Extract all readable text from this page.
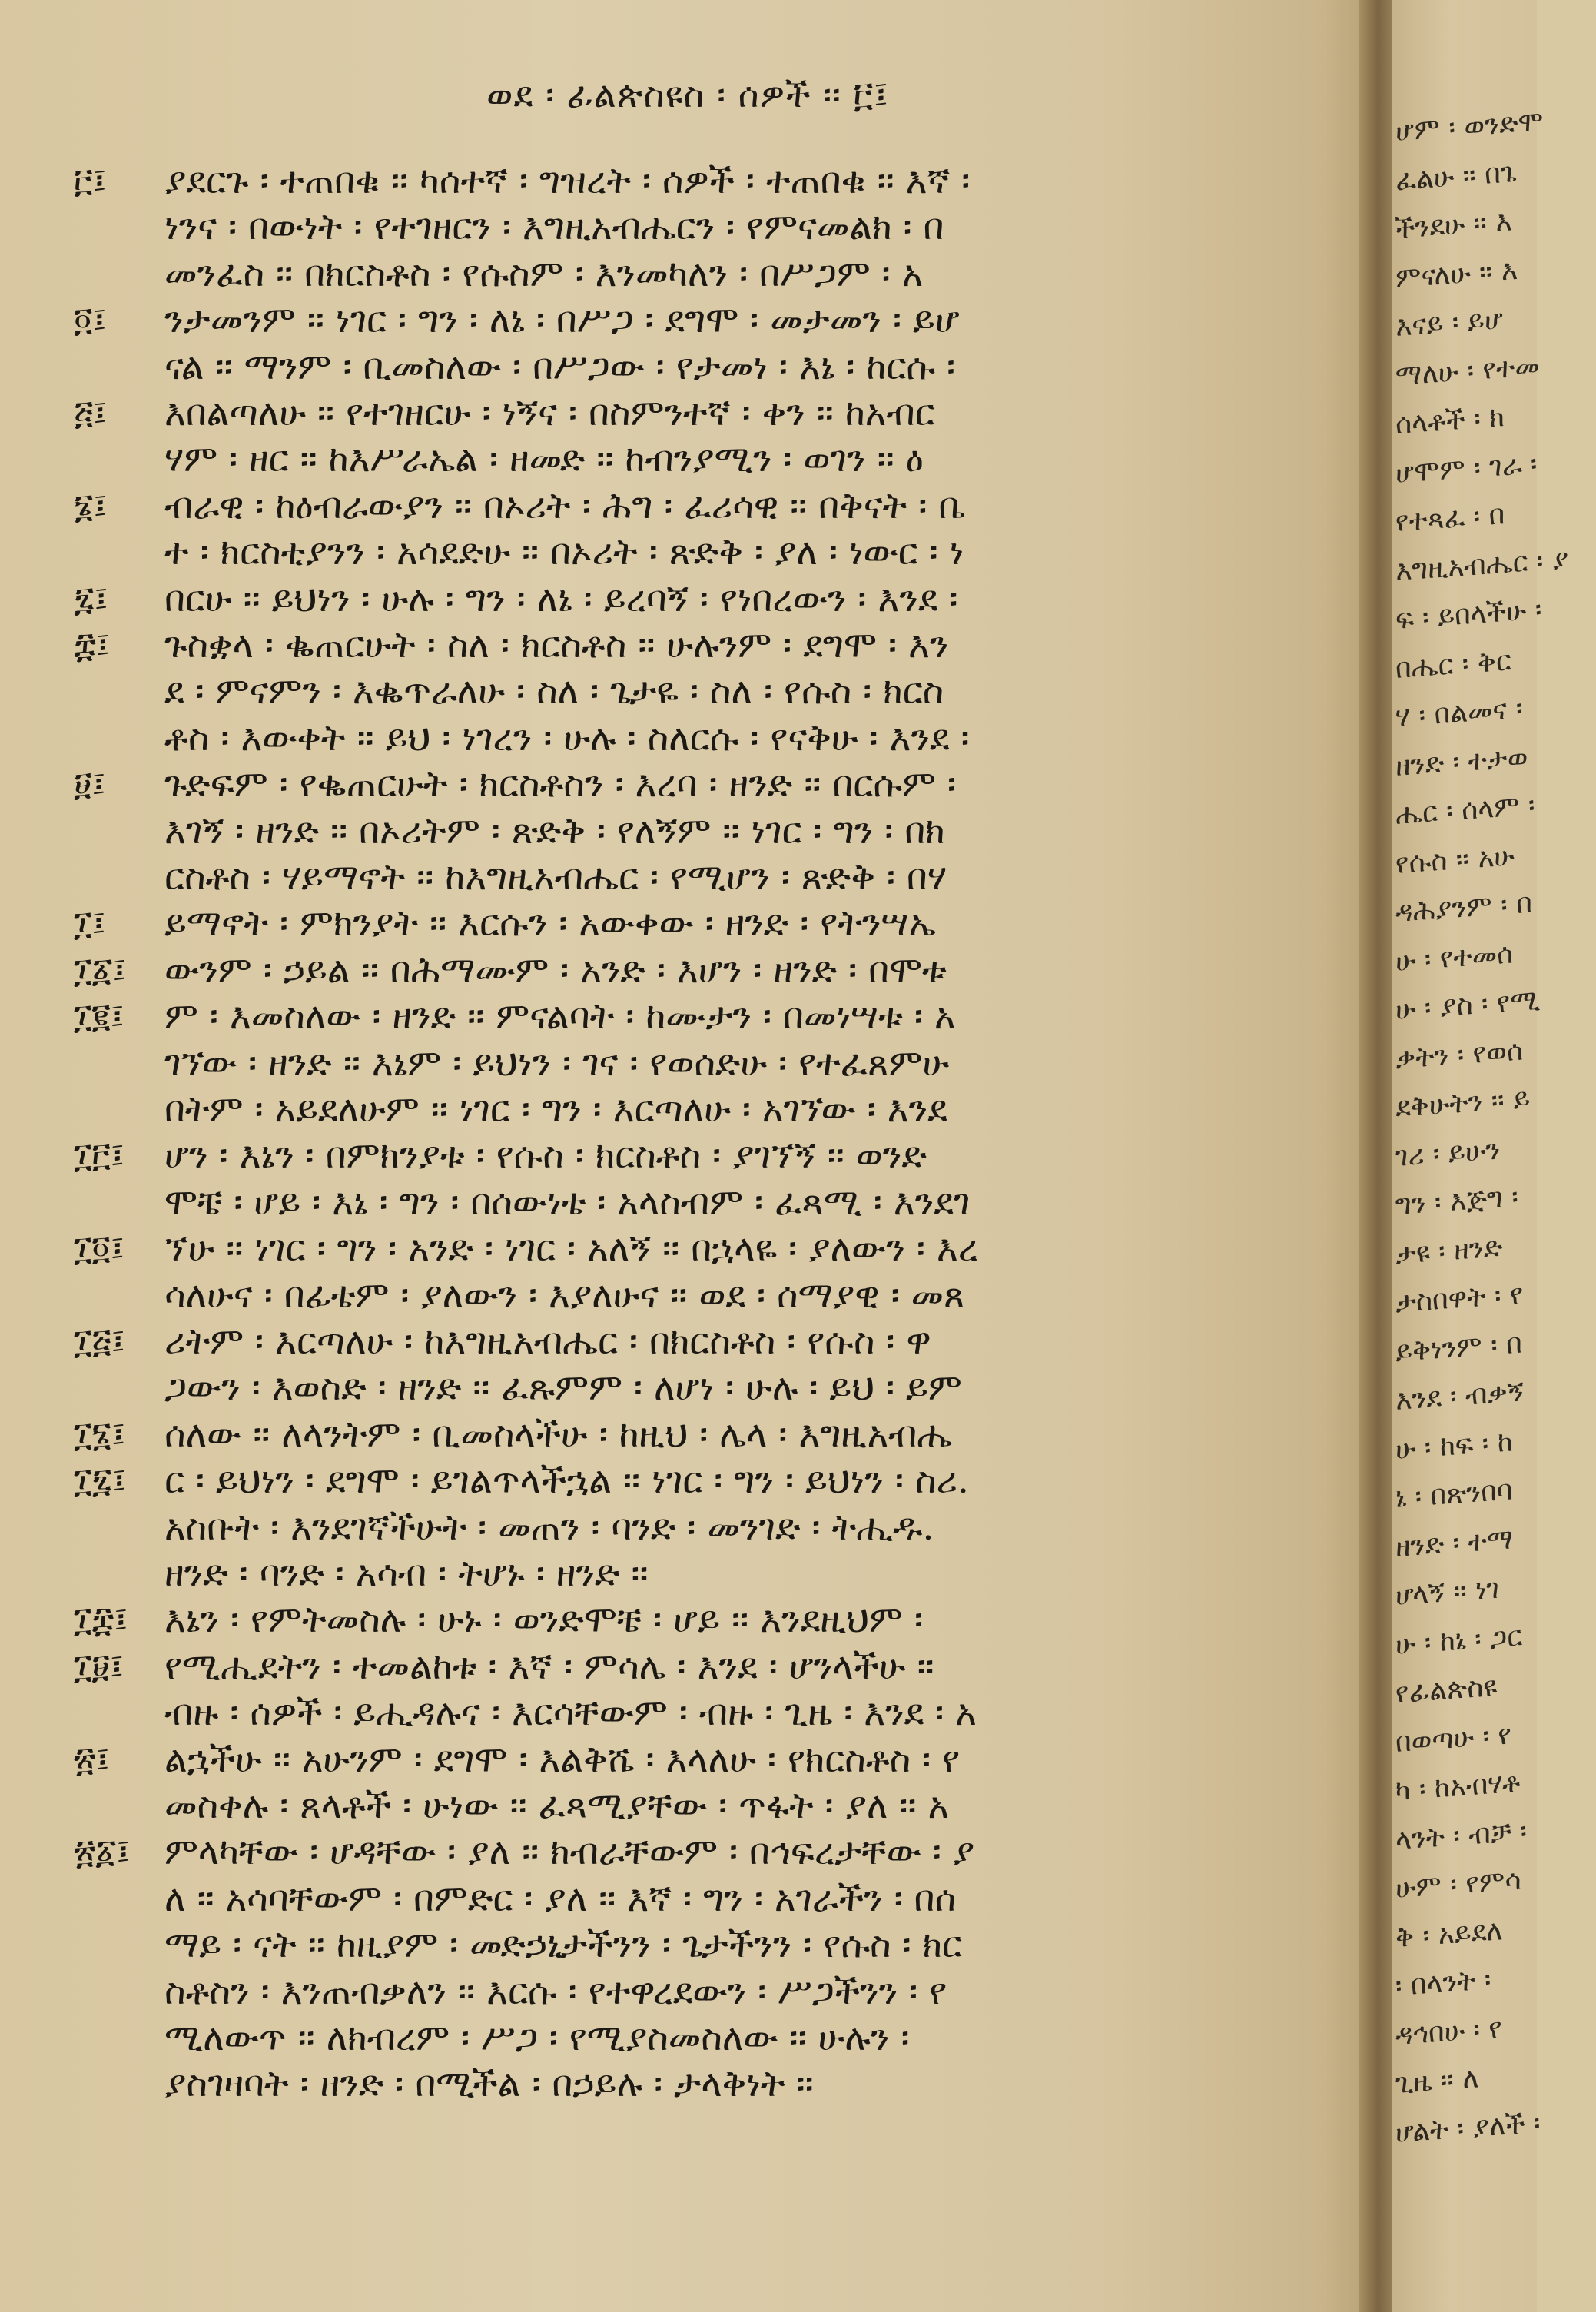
ወደ ፡ ፊልጵስዩስ ፡ ሰዎች ፡፡ ፫፤
ያደርጉ ፡ ተጠበቁ ፡፡ ካሰተኛ ፡ ግዝረት ፡ ሰዎች ፡ ተጠበቁ ፡፡ እኛ ፡
ነንና ፡ በውነት ፡ የተገዘርን ፡ እግዚአብሔርን ፡ የምናመልክ ፡ በ
መንፈስ ፡፡ በክርስቶስ ፡ የሱስም ፡ እንመካለን ፡ በሥጋም ፡ አ
ንታመንም ፡፡ ነገር ፡ ግን ፡ ለኔ ፡ በሥጋ ፡ ደግሞ ፡ መታመን ፡ ይሆ
ናል ፡፡ ማንም ፡ ቢመስለው ፡ በሥጋው ፡ የታመነ ፡ እኔ ፡ ከርሱ ፡
እበልጣለሁ ፡፡ የተገዘርሁ ፡ ነኝና ፡ በስምንተኛ ፡ ቀን ፡፡ ከአብር
ሃም ፡ ዘር ፡፡ ከእሥራኤል ፡ ዘመድ ፡፡ ከብንያሚን ፡ ወገን ፡፡ ዕ
ብራዊ ፡ ከዕብራውያን ፡፡ በኦሪት ፡ ሕግ ፡ ፈሪሳዊ ፡፡ በቅናት ፡ ቤ
ተ ፡ ክርስቲያንን ፡ አሳደድሁ ፡፡ በኦሪት ፡ ጽድቅ ፡ ያለ ፡ ነውር ፡ ነ
በርሁ ፡፡ ይህነን ፡ ሁሉ ፡ ግን ፡ ለኔ ፡ ይረባኝ ፡ የነበረውን ፡ እንደ ፡
ጉስቋላ ፡ ቈጠርሁት ፡ ስለ ፡ ክርስቶስ ፡፡ ሁሉንም ፡ ደግሞ ፡ እን
ደ ፡ ምናምን ፡ እቈጥራለሁ ፡ ስለ ፡ ጌታዬ ፡ ስለ ፡ የሱስ ፡ ክርስ
ቶስ ፡ እውቀት ፡፡ ይህ ፡ ነገረን ፡ ሁሉ ፡ ስለርሱ ፡ የናቅሁ ፡ እንደ ፡
ጉድፍም ፡ የቈጠርሁት ፡ ክርስቶስን ፡ እረባ ፡ ዘንድ ፡፡ በርሱም ፡
እገኝ ፡ ዘንድ ፡፡ በኦሪትም ፡ ጽድቅ ፡ የለኝም ፡፡ ነገር ፡ ግን ፡ በክ
ርስቶስ ፡ ሃይማኖት ፡፡ ከእግዚአብሔር ፡ የሚሆን ፡ ጽድቅ ፡ በሃ
ይማኖት ፡ ምክንያት ፡፡ እርሱን ፡ አውቀው ፡ ዘንድ ፡ የትንሣኤ
ውንም ፡ ኃይል ፡፡ በሕማሙም ፡ አንድ ፡ እሆን ፡ ዘንድ ፡ በሞቱ
ም ፡ እመስለው ፡ ዘንድ ፡፡ ምናልባት ፡ ከሙታን ፡ በመነሣቱ ፡ አ
ገኘው ፡ ዘንድ ፡፡ እኔም ፡ ይህነን ፡ ገና ፡ የወሰድሁ ፡ የተፈጸምሁ
በትም ፡ አይደለሁም ፡፡ ነገር ፡ ግን ፡ እርጣለሁ ፡ አገኘው ፡ እንደ
ሆን ፡ እኔን ፡ በምክንያቱ ፡ የሱስ ፡ ክርስቶስ ፡ ያገኘኝ ፡፡ ወንድ
ሞቼ ፡ ሆይ ፡ እኔ ፡ ግን ፡ በሰውነቴ ፡ አላስብም ፡ ፈጻሚ ፡ እንደገ
ኘሁ ፡፡ ነገር ፡ ግን ፡ አንድ ፡ ነገር ፡ አለኝ ፡፡ በኋላዬ ፡ ያለውን ፡ እረ
ሳለሁና ፡ በፊቴም ፡ ያለውን ፡ እያለሁና ፡፡ ወደ ፡ ሰማያዊ ፡ መጸ
ሪትም ፡ እርጣለሁ ፡ ከእግዚአብሔር ፡ በክርስቶስ ፡ የሱስ ፡ ዋ
ጋውን ፡ እወስድ ፡ ዘንድ ፡፡ ፈጹምም ፡ ለሆነ ፡ ሁሉ ፡ ይህ ፡ ይም
ሰለው ፡፡ ለላንትም ፡ ቢመስላችሁ ፡ ከዚህ ፡ ሌላ ፡ እግዚአብሔ
ር ፡ ይህነን ፡ ደግሞ ፡ ይገልጥላችኋል ፡፡ ነገር ፡ ግን ፡ ይህነን ፡ ስሪ.
አስቡት ፡ እንደገኛችሁት ፡ መጠን ፡ ባንድ ፡ መንገድ ፡ ትሒዱ.
ዘንድ ፡ ባንድ ፡ አሳብ ፡ ትሆኑ ፡ ዘንድ ፡፡
እኔን ፡ የምትመስሉ ፡ ሁኑ ፡ ወንድሞቼ ፡ ሆይ ፡፡ እንደዚህም ፡
የሚሒደትን ፡ ተመልከቱ ፡ እኛ ፡ ምሳሌ ፡ እንደ ፡ ሆንላችሁ ፡፡
ብዙ ፡ ሰዎች ፡ ይሒዳሉና ፡ እርሳቸውም ፡ ብዙ ፡ ጊዜ ፡ እንደ ፡ አ
ልኋችሁ ፡፡ አሁንም ፡ ደግሞ ፡ እልቅሼ ፡ እላለሁ ፡ የክርስቶስ ፡ የ
መስቀሉ ፡ ጸላቶች ፡ ሁነው ፡፡ ፈጻሚያቸው ፡ ጥፋት ፡ ያለ ፡፡ አ
ምላካቸው ፡ ሆዳቸው ፡ ያለ ፡፡ ክብራቸውም ፡ በኅፍረታቸው ፡ ያ
ለ ፡፡ አሳባቸውም ፡ በምድር ፡ ያለ ፡፡ እኛ ፡ ግን ፡ አገራችን ፡ በሰ
ማይ ፡ ናት ፡፡ ከዚያም ፡ መድኃኒታችንን ፡ ጌታችንን ፡ የሱስ ፡ ክር
ስቶስን ፡ እንጠብቃለን ፡፡ እርሱ ፡ የተዋረደውን ፡ ሥጋችንን ፡ የ
ሚለውጥ ፡፡ ለክብረም ፡ ሥጋ ፡ የሚያስመስለው ፡፡ ሁሉን ፡
ያስገዛባት ፡ ዘንድ ፡ በሚችል ፡ በኃይሉ ፡ ታላቅነት ፡፡
፫፤
፬፤
፭፤
፮፤
፯፤
፰፤
፱፤
፲፤
፲፩፤
፲፪፤
፲፫፤
፲፬፤
፲፭፤
፲፮፤
፲፯፤
፲፰፤
፲፱፤
፳፤
፳፩፤
ሆም ፡ ወንድሞ
ፈልሁ ፡፡ በጌ
ችንደሁ ፡፡ እ
ምናለሁ ፡፡ እ
እናይ ፡ ይሆ
ማለሁ ፡ የተመ
ሰላቶች ፡ ክ
ሆሞም ፡ ገራ ፡
የተጻፈ ፡ በ
እግዚአብሔር ፡ ያ
ፍ ፡ ይበላችሁ ፡
በሔር ፡ ቅር
ሃ ፡ በልመና ፡
ዘንድ ፡ ተታወ
ሔር ፡ ሰላም ፡
የሱስ ፡፡ አሁ
ዳሕያንም ፡ በ
ሁ ፡ የተመሰ
ሁ ፡ ያስ ፡ የሚ
ቃትን ፡ የወሰ
ደቅሁትን ፡፡ ይ
ገሪ ፡ ይሁን
ግን ፡ እጅግ ፡
ታዩ ፡ ዘንድ
ታስበዋት ፡ የ
ይቅነንም ፡ በ
እንደ ፡ ብቃኝ
ሁ ፡ ከፍ ፡ ከ
ኔ ፡ በጽንበባ
ዘንድ ፡ ተማ
ሆላኝ ፡፡ ነገ
ሁ ፡ ከኔ ፡ ጋር
የፊልጵስዩ
በወጣሁ ፡ የ
ካ ፡ ከአብሃቶ
ላንት ፡ ብቻ ፡
ሁም ፡ የምሳ
ቅ ፡ አይደለ
፡ በላንት ፡
ዳኅበሁ ፡ የ
ጊዜ ፡፡ ለ
ሆልት ፡ ያለች ፡
